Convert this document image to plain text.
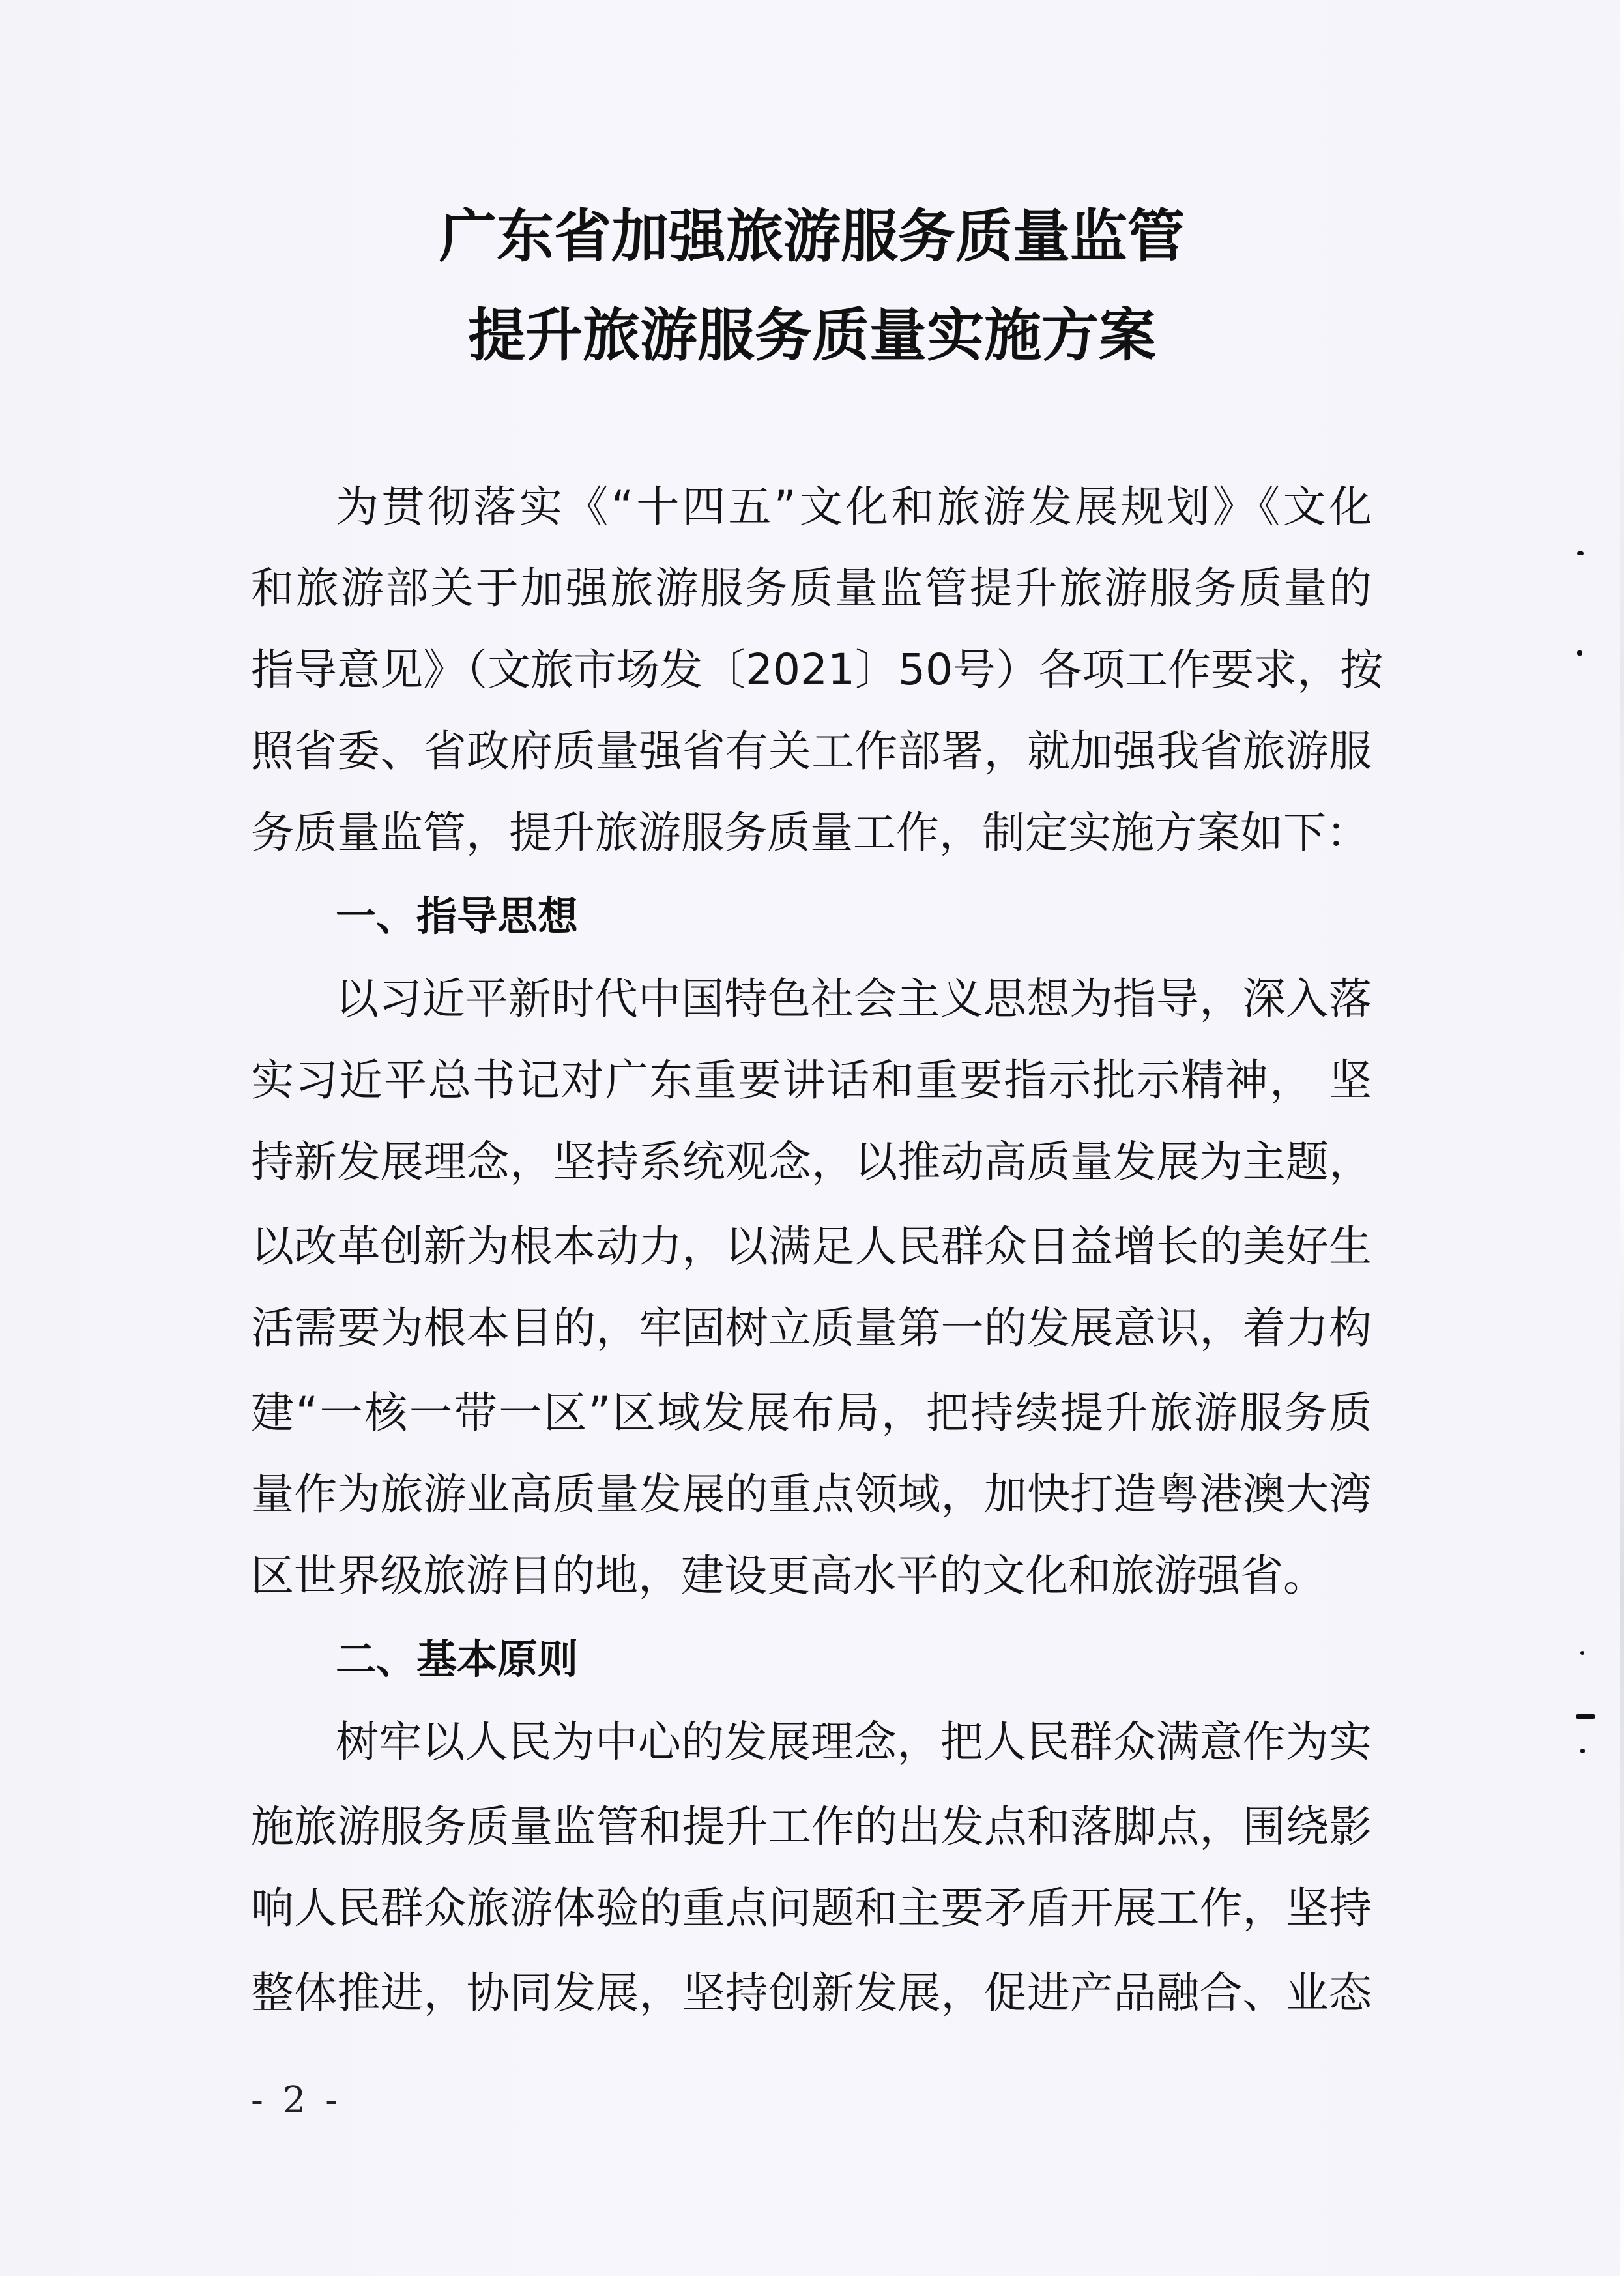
广东省加强旅游服务质量监管
提升旅游服务质量实施方案
为贯彻落实《“十四五”文化和旅游发展规划》《文化
和旅游部关于加强旅游服务质量监管提升旅游服务质量的
指导意见》（文旅市场发〔2021〕50号）各项工作要求，按
照省委、省政府质量强省有关工作部署，就加强我省旅游服
务质量监管，提升旅游服务质量工作，制定实施方案如下：
一、指导思想
以习近平新时代中国特色社会主义思想为指导，深入落
实习近平总书记对广东重要讲话和重要指示批示精神， 坚
持新发展理念，坚持系统观念，以推动高质量发展为主题，
以改革创新为根本动力，以满足人民群众日益增长的美好生
活需要为根本目的，牢固树立质量第一的发展意识，着力构
建“一核一带一区”区域发展布局，把持续提升旅游服务质
量作为旅游业高质量发展的重点领域，加快打造粤港澳大湾
区世界级旅游目的地，建设更高水平的文化和旅游强省。
二、基本原则
树牢以人民为中心的发展理念，把人民群众满意作为实
施旅游服务质量监管和提升工作的出发点和落脚点，围绕影
响人民群众旅游体验的重点问题和主要矛盾开展工作，坚持
整体推进，协同发展，坚持创新发展，促进产品融合、业态
- 2 -
